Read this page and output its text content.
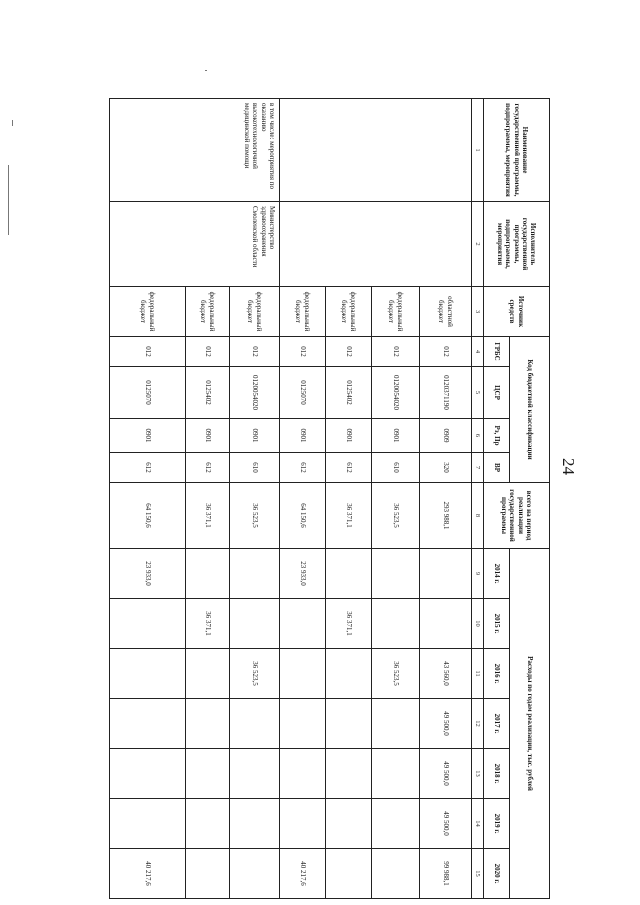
24
Наименование государственной программы, подпрограммы, мероприятия	Исполнитель государственной программы, подпрограммы, мероприятия	Источник средств	Код бюджетной классификации				всего на период реализации государственной программы	Расходы по годам реализации, тыс. рублей						
			ГРБС	ЦСР	Рз, Пр	ВР		2014 г.	2015 г.	2016 г.	2017 г.	2018 г.	2019 г.	2020 г.
1	2	3	4	5	6	7	8	9	10	11	12	13	14	15
		областной бюджет	012	0120371190	0909	320	293 988,1			43 560,0	49 500,0	49 500,0	49 500,0	99 988,1
		федеральный бюджет	012	0120054020	0901	610	36 523,5			36 523,5				
		федеральный бюджет	012	0125402	0901	612	36 371,1		36 371,1					
		федеральный бюджет	012	0125070	0901	612	64 150,6	23 933,0						40 217,6
в том числе: мероприятия по оказанию высокотехнологичной медицинской помощи	Министерство здравоохранения Смоленской области	федеральный бюджет	012	0120054020	0901	610	36 523,5			36 523,5				
		федеральный бюджет	012	0125402	0901	612	36 371,1		36 371,1					
		федеральный бюджет	012	0125070	0901	612	64 150,6	23 933,0						40 217,6
